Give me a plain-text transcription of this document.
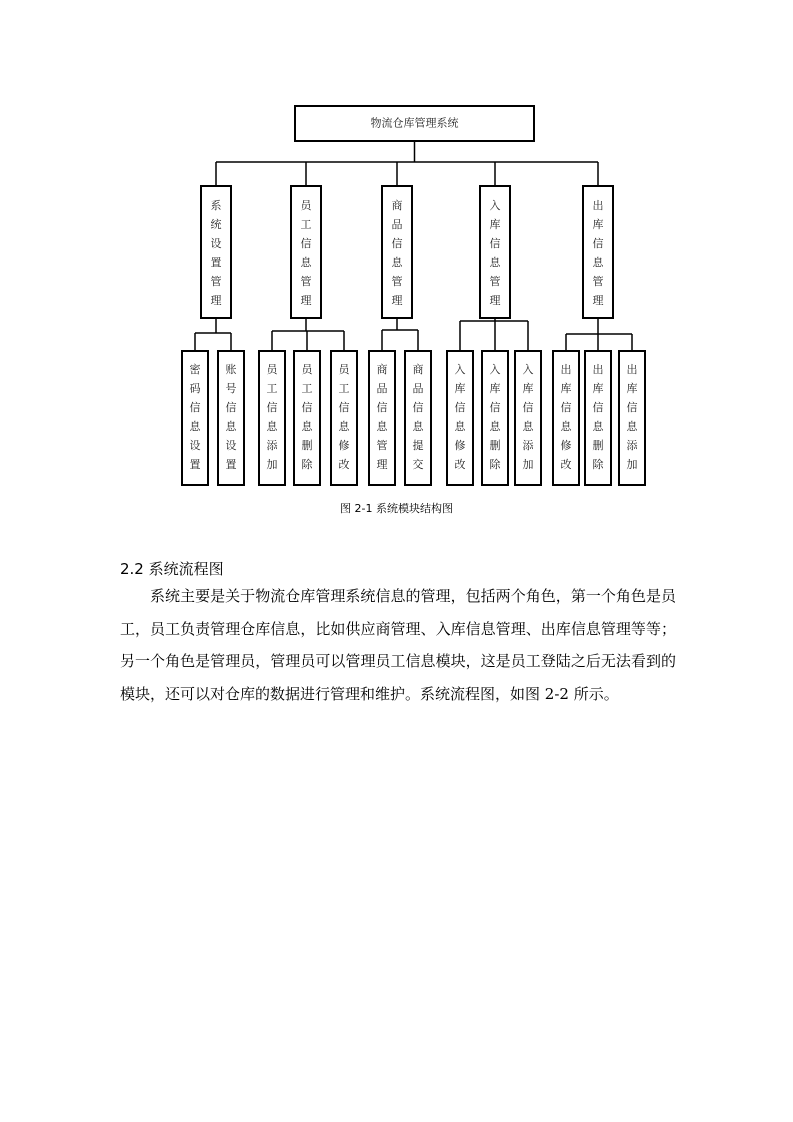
物流仓库管理系统
系
统
设
置
管
理
密
码
信
息
设
置
账
号
信
息
设
置
员
工
信
息
管
理
员
工
信
息
添
加
员
工
信
息
删
除
员
工
信
息
修
改
商
品
信
息
管
理
商
品
信
息
管
理
商
品
信
息
提
交
入
库
信
息
管
理
入
库
信
息
修
改
入
库
信
息
删
除
入
库
信
息
添
加
出
库
信
息
管
理
出
库
信
息
修
改
出
库
信
息
删
除
出
库
信
息
添
加
图 2-1 系统模块结构图
2.2 系统流程图

系统主要是关于物流仓库管理系统信息的管理，包括两个角色，第一个角色是员工，员工负责管理仓库信息，比如供应商管理、入库信息管理、出库信息管理等等；另一个角色是管理员，管理员可以管理员工信息模块，这是员工登陆之后无法看到的模块，还可以对仓库的数据进行管理和维护。系统流程图，如图 2-2 所示。
